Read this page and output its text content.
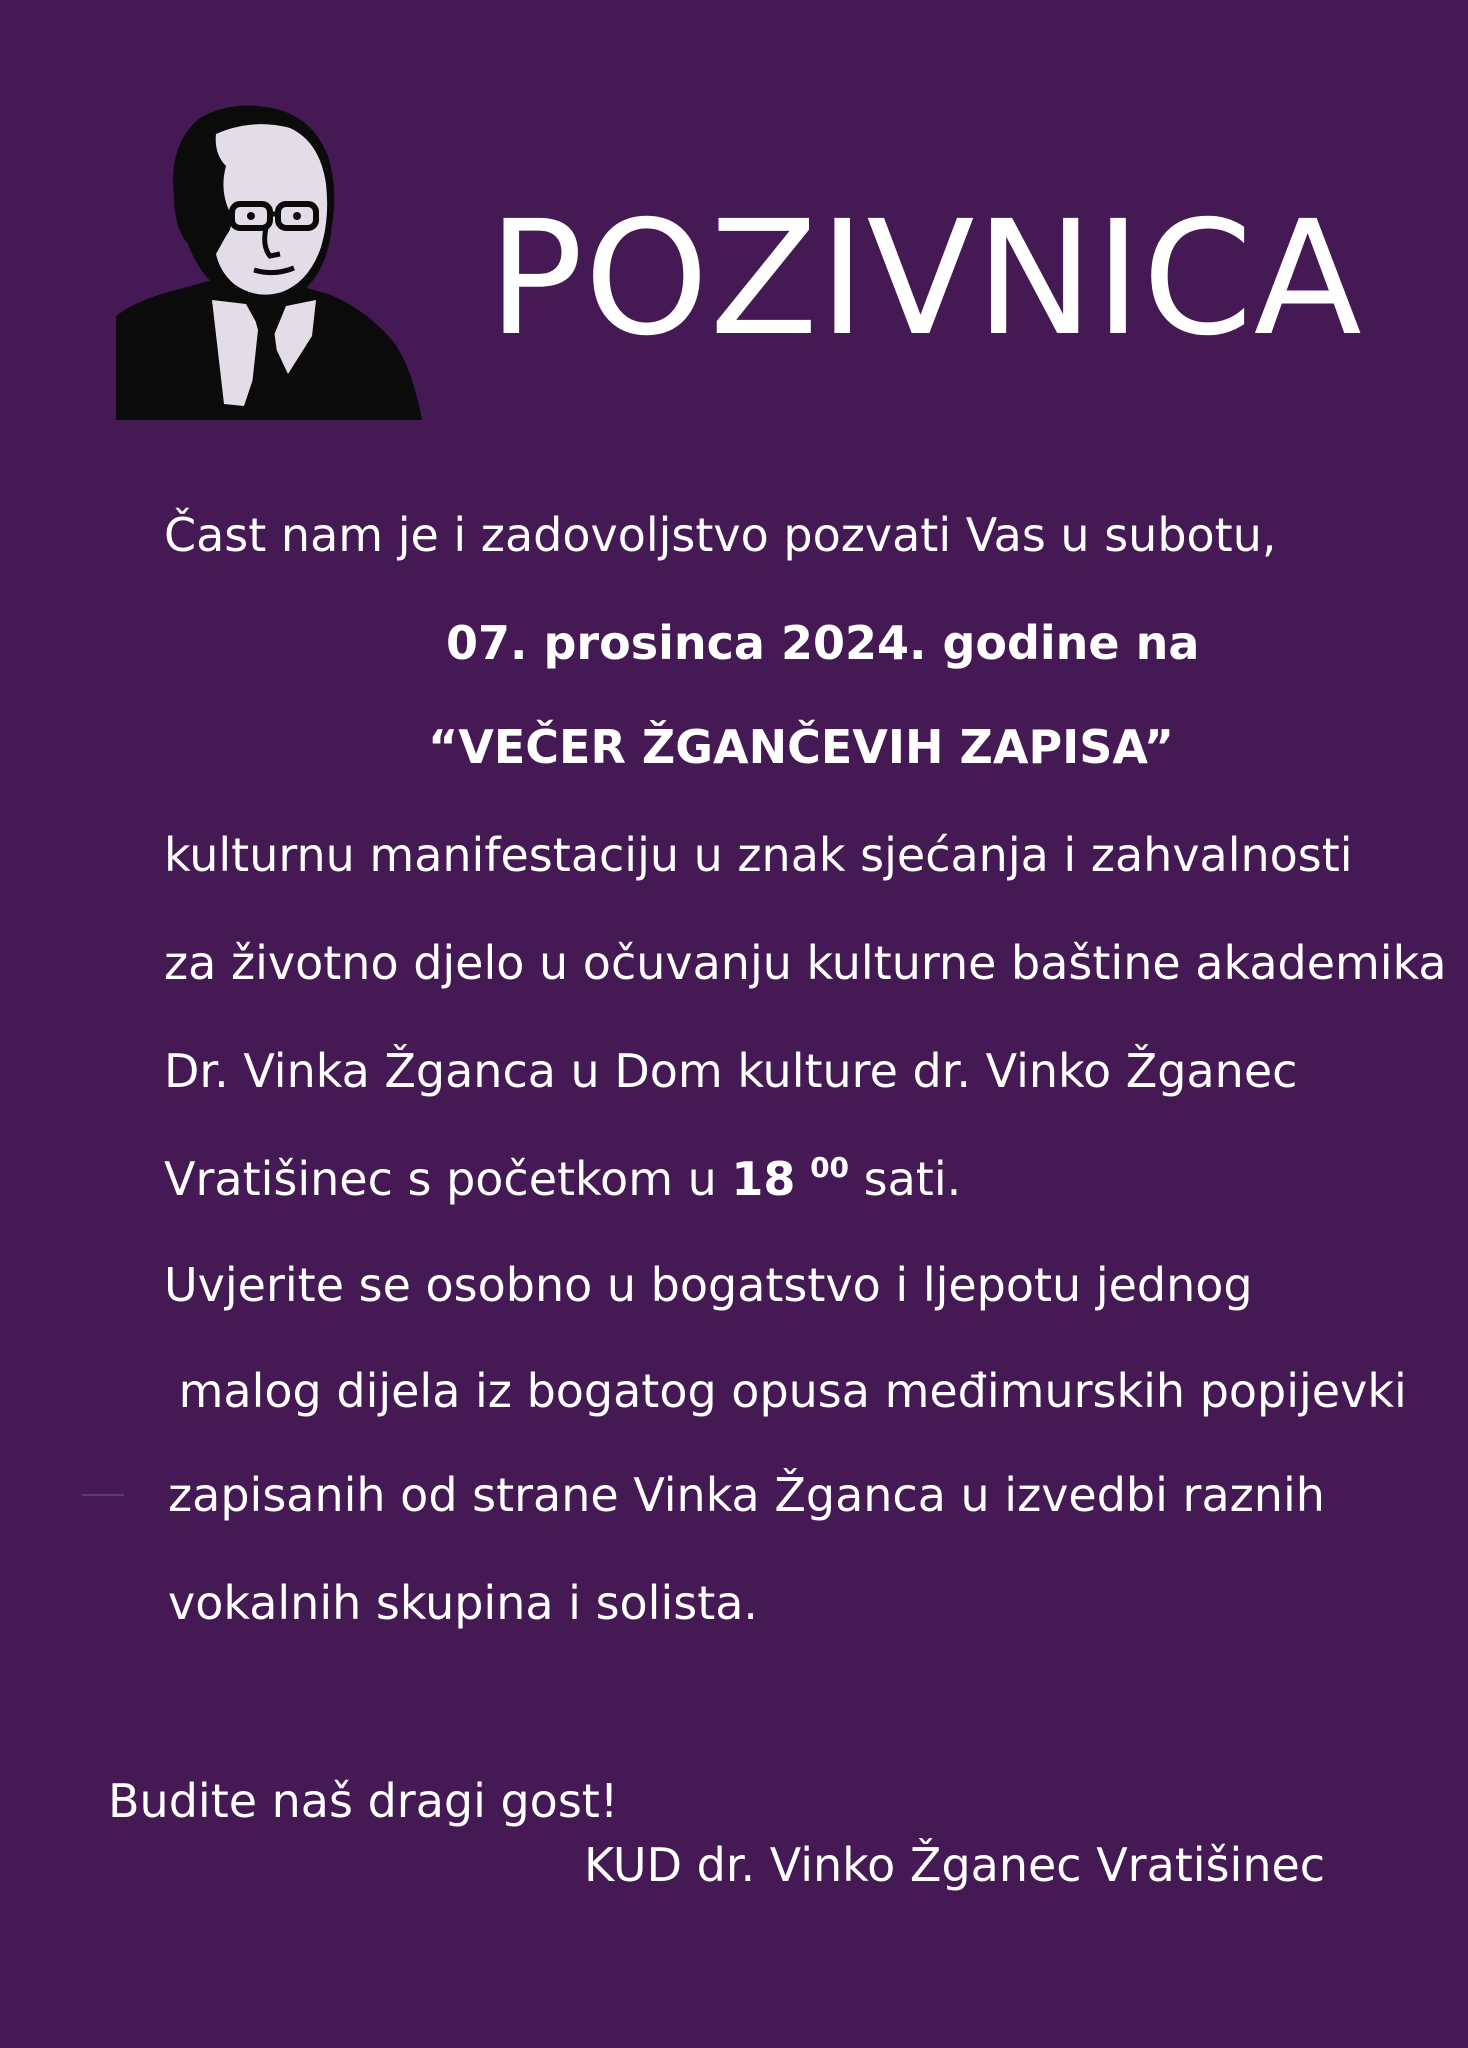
POZIVNICA
Čast nam je i zadovoljstvo pozvati Vas u subotu,
07. prosinca 2024. godine na
“VEČER ŽGANČEVIH ZAPISA”
kulturnu manifestaciju u znak sjećanja i zahvalnosti
za životno djelo u očuvanju kulturne baštine akademika
Dr. Vinka Žganca u Dom kulture dr. Vinko Žganec
Vratišinec s početkom u 18 $^{00}$ sati.
Uvjerite se osobno u bogatstvo i ljepotu jednog
malog dijela iz bogatog opusa međimurskih popijevki
zapisanih od strane Vinka Žganca u izvedbi raznih
vokalnih skupina i solista.
Budite naš dragi gost!
KUD dr. Vinko Žganec Vratišinec
